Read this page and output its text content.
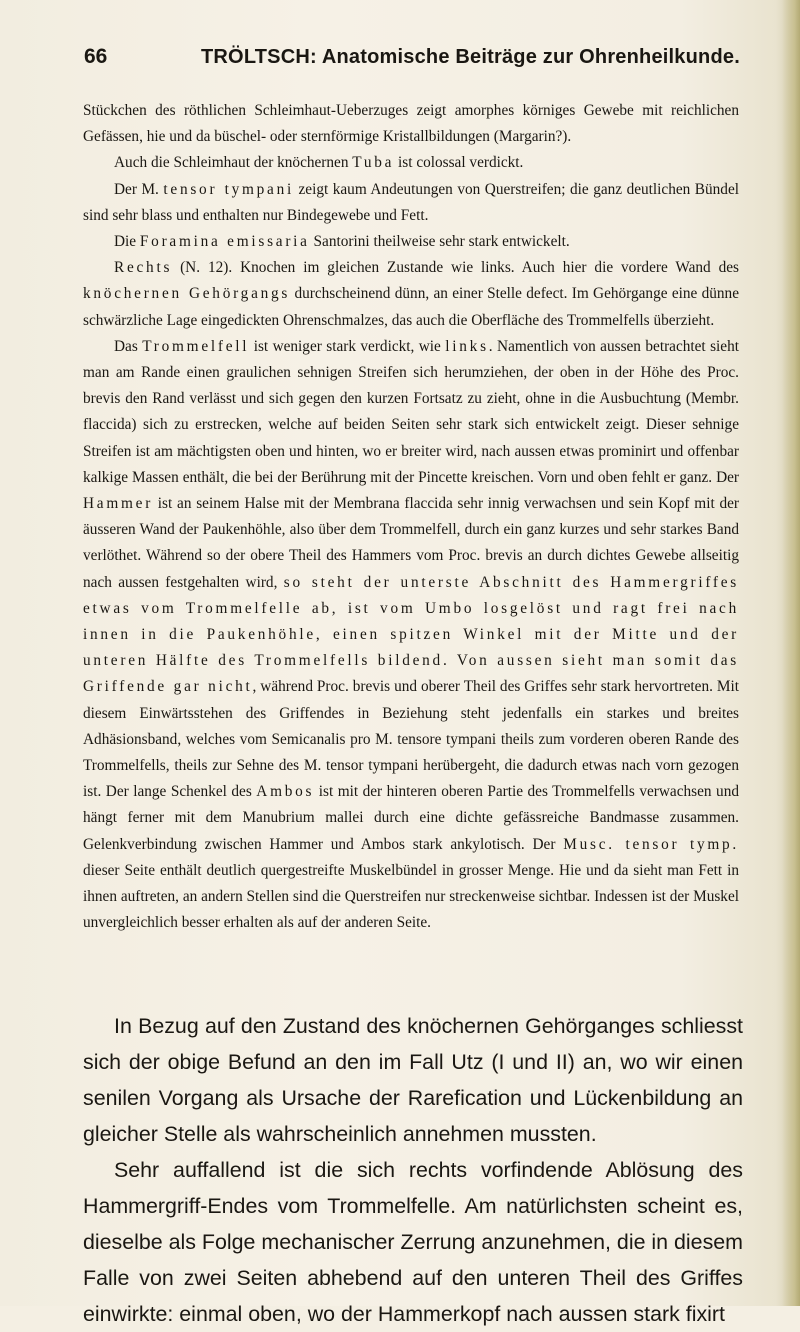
66	TRÖLTSCH: Anatomische Beiträge zur Ohrenheilkunde.

Stückchen des röthlichen Schleimhaut-Ueberzuges zeigt amorphes körniges Gewebe mit reichlichen Gefässen, hie und da büschel- oder sternförmige Kristallbildungen (Margarin?).

Auch die Schleimhaut der knöchernen Tuba ist colossal verdickt.

Der M. tensor tympani zeigt kaum Andeutungen von Querstreifen; die ganz deutlichen Bündel sind sehr blass und enthalten nur Bindegewebe und Fett.

Die Foramina emissaria Santorini theilweise sehr stark entwickelt.

Rechts (N. 12). Knochen im gleichen Zustande wie links. Auch hier die vordere Wand des knöchernen Gehörgangs durchscheinend dünn, an einer Stelle defect. Im Gehörgange eine dünne schwärzliche Lage eingedickten Ohrenschmalzes, das auch die Oberfläche des Trommelfells überzieht.

Das Trommelfell ist weniger stark verdickt, wie links. Namentlich von aussen betrachtet sieht man am Rande einen graulichen sehnigen Streifen sich herumziehen, der oben in der Höhe des Proc. brevis den Rand verlässt und sich gegen den kurzen Fortsatz zu zieht, ohne in die Ausbuchtung (Membr. flaccida) sich zu erstrecken, welche auf beiden Seiten sehr stark sich entwickelt zeigt. Dieser sehnige Streifen ist am mächtigsten oben und hinten, wo er breiter wird, nach aussen etwas prominirt und offenbar kalkige Massen enthält, die bei der Berührung mit der Pincette kreischen. Vorn und oben fehlt er ganz. Der Hammer ist an seinem Halse mit der Membrana flaccida sehr innig verwachsen und sein Kopf mit der äusseren Wand der Paukenhöhle, also über dem Trommelfell, durch ein ganz kurzes und sehr starkes Band verlöthet. Während so der obere Theil des Hammers vom Proc. brevis an durch dichtes Gewebe allseitig nach aussen festgehalten wird, so steht der unterste Abschnitt des Hammergriffes etwas vom Trommelfelle ab, ist vom Umbo losgelöst und ragt frei nach innen in die Paukenhöhle, einen spitzen Winkel mit der Mitte und der unteren Hälfte des Trommelfells bildend. Von aussen sieht man somit das Griffende gar nicht, während Proc. brevis und oberer Theil des Griffes sehr stark hervortreten. Mit diesem Einwärtsstehen des Griffendes in Beziehung steht jedenfalls ein starkes und breites Adhäsionsband, welches vom Semicanalis pro M. tensore tympani theils zum vorderen oberen Rande des Trommelfells, theils zur Sehne des M. tensor tympani herübergeht, die dadurch etwas nach vorn gezogen ist. Der lange Schenkel des Ambos ist mit der hinteren oberen Partie des Trommelfells verwachsen und hängt ferner mit dem Manubrium mallei durch eine dichte gefässreiche Bandmasse zusammen. Gelenkverbindung zwischen Hammer und Ambos stark ankylotisch. Der Musc. tensor tymp. dieser Seite enthält deutlich quergestreifte Muskelbündel in grosser Menge. Hie und da sieht man Fett in ihnen auftreten, an andern Stellen sind die Querstreifen nur streckenweise sichtbar. Indessen ist der Muskel unvergleichlich besser erhalten als auf der anderen Seite.

In Bezug auf den Zustand des knöchernen Gehörganges schliesst sich der obige Befund an den im Fall Utz (I und II) an, wo wir einen senilen Vorgang als Ursache der Rarefication und Lückenbildung an gleicher Stelle als wahrscheinlich annehmen mussten.

Sehr auffallend ist die sich rechts vorfindende Ablösung des Hammergriff-Endes vom Trommelfelle. Am natürlichsten scheint es, dieselbe als Folge mechanischer Zerrung anzunehmen, die in diesem Falle von zwei Seiten abhebend auf den unteren Theil des Griffes einwirkte: einmal oben, wo der Hammerkopf nach aussen stark fixirt
